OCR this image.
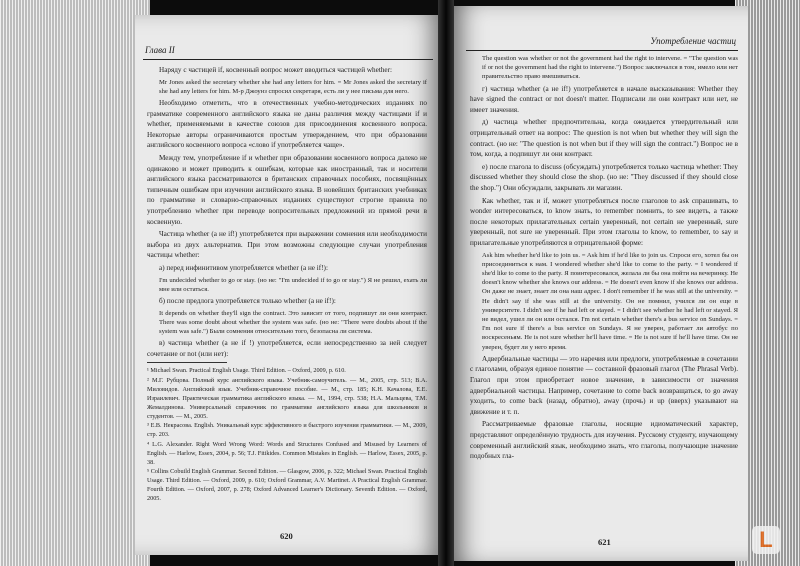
Глава II

Наряду с частицей if, косвенный вопрос может вводиться частицей whether:

Mr Jones asked the secretary whether she had any letters for him. = Mr Jones asked the secretary if she had any letters for him. М-р Джоунз спросил секретаря, есть ли у нее письма для него.

Необходимо отметить, что в отечественных учебно-методических изданиях по грамматике современного английского языка не даны различия между частицами if и whether, применяемыми в качестве союзов для присоединения косвенного вопроса. Некоторые авторы ограничиваются простым утверждением, что при образовании английского косвенного вопроса «слово if употребляется чаще».

Между тем, употребление if и whether при образовании косвенного вопроса далеко не одинаково и может приводить к ошибкам, которые как иностранный, так и носители английского языка рассматриваются в британских справочных пособиях, посвящённых типичным ошибкам при изучении английского языка. В новейших британских учебниках по грамматике и словарно-справочных изданиях существуют строгие правила по употреблению whether при переводе вопросительных предложений из прямой речи в косвенную.

Частица whether (а не if!) употребляется при выражении сомнения или необходимости выбора из двух альтернатив. При этом возможны следующие случаи употребления частицы whether:

а) перед инфинитивом употребляется whether (а не if!):

I'm undecided whether to go or stay. (но не: "I'm undecided if to go or stay.") Я не решил, ехать ли мне или остаться.

б) после предлога употребляется только whether (а не if!):

It depends on whether they'll sign the contract. Это зависит от того, подпишут ли они контракт. There was some doubt about whether the system was safe. (но не: "There were doubts about if the system was safe.") Были сомнения относительно того, безопасна ли система.

в) частица whether (а не if !) употребляется, если непосредственно за ней следует сочетание or not (или нет):

¹ Michael Swan. Practical English Usage. Third Edition. – Oxford, 2009, p. 610.

² М.Г. Рубцова. Полный курс английского языка. Учебник-самоучитель. — М., 2005, стр. 513; В.А. Миловидов. Английский язык. Учебник-справочное пособие. — М., стр. 185; К.Н. Качалова, Е.Е. Израилевич. Практическая грамматика английского языка. — М., 1994, стр. 538; Н.А. Мальцева, Т.М. Жемалдинова. Универсальный справочник по грамматике английского языка для школьников и студентов. — М., 2005.

³ Е.В. Некрасова. English. Уникальный курс эффективного и быстрого изучения грамматики. — М., 2009, стр. 203.

⁴ L.G. Alexander. Right Word Wrong Word: Words and Structures Confused and Misused by Learners of English. — Harlow, Essex, 2004, p. 56; T.J. Fitikides. Common Mistakes in English. — Harlow, Essex, 2005, p. 38.

⁵ Collins Cobuild English Grammar. Second Edition. — Glasgow, 2006, p. 322; Michael Swan. Practical English Usage. Third Edition. — Oxford, 2009, p. 610; Oxford Grammar, A.V. Martinet. A Practical English Grammar. Fourth Edition. — Oxford, 2007, p. 278; Oxford Advanced Learner's Dictionary. Seventh Edition. — Oxford, 2005.

620
Употребление частиц

The question was whether or not the government had the right to intervene. = "The question was if or not the government had the right to intervene.") Вопрос заключался в том, имело или нет правительство право вмешиваться.

г) частица whether (а не if!) употребляется в начале высказывания: Whether they have signed the contract or not doesn't matter. Подписали ли они контракт или нет, не имеет значения.

д) частица whether предпочтительна, когда ожидается утвердительный или отрицательный ответ на вопрос: The question is not when but whether they will sign the contract. (но не: "The question is not when but if they will sign the contract.") Вопрос не в том, когда, а подпишут ли они контракт.

е) после глагола to discuss (обсуждать) употребляется только частица whether: They discussed whether they should close the shop. (но не: "They discussed if they should close the shop.") Они обсуждали, закрывать ли магазин.

Как whether, так и if, может употребляться после глаголов to ask спрашивать, to wonder интересоваться, to know знать, to remember помнить, to see видеть, а также после некоторых прилагательных certain уверенный, not certain не уверенный, sure уверенный, not sure не уверенный. При этом глаголы to know, to remember, to say и прилагательные употребляются в отрицательной форме:

Ask him whether he'd like to join us. = Ask him if he'd like to join us. Спроси его, хотел бы он присоединиться к нам. I wondered whether she'd like to come to the party. = I wondered if she'd like to come to the party. Я поинтересовался, желала ли бы она пойти на вечеринку. He doesn't know whether she knows our address. = He doesn't even know if she knows our address. Он даже не знает, знает ли она наш адрес. I don't remember if he was still at the university. = He didn't say if she was still at the university. Он не помнил, учился ли он еще в университете. I didn't see if he had left or stayed. = I didn't see whether he had left or stayed. Я не видел, ушел ли он или остался. I'm not certain whether there's a bus service on Sundays. = I'm not sure if there's a bus service on Sundays. Я не уверен, работает ли автобус по воскресеньям. He is not sure whether he'll have time. = He is not sure if he'll have time. Он не уверен, будет ли у него время.

Адвербиальные частицы — это наречия или предлоги, употребляемые в сочетании с глаголами, образуя единое понятие — составной фразовый глагол (The Phrasal Verb). Глагол при этом приобретает новое значение, в зависимости от значения адвербиальной частицы. Например, сочетание to come back возвращаться, to go away уходить, to come back (назад, обратно), away (прочь) и up (вверх) указывают на движение и т. п.

Рассматриваемые фразовые глаголы, носящие идиоматический характер, представляют определённую трудность для изучения. Русскому студенту, изучающему современный английский язык, необходимо знать, что глаголы, получающие значение подобных гла-

621	L
